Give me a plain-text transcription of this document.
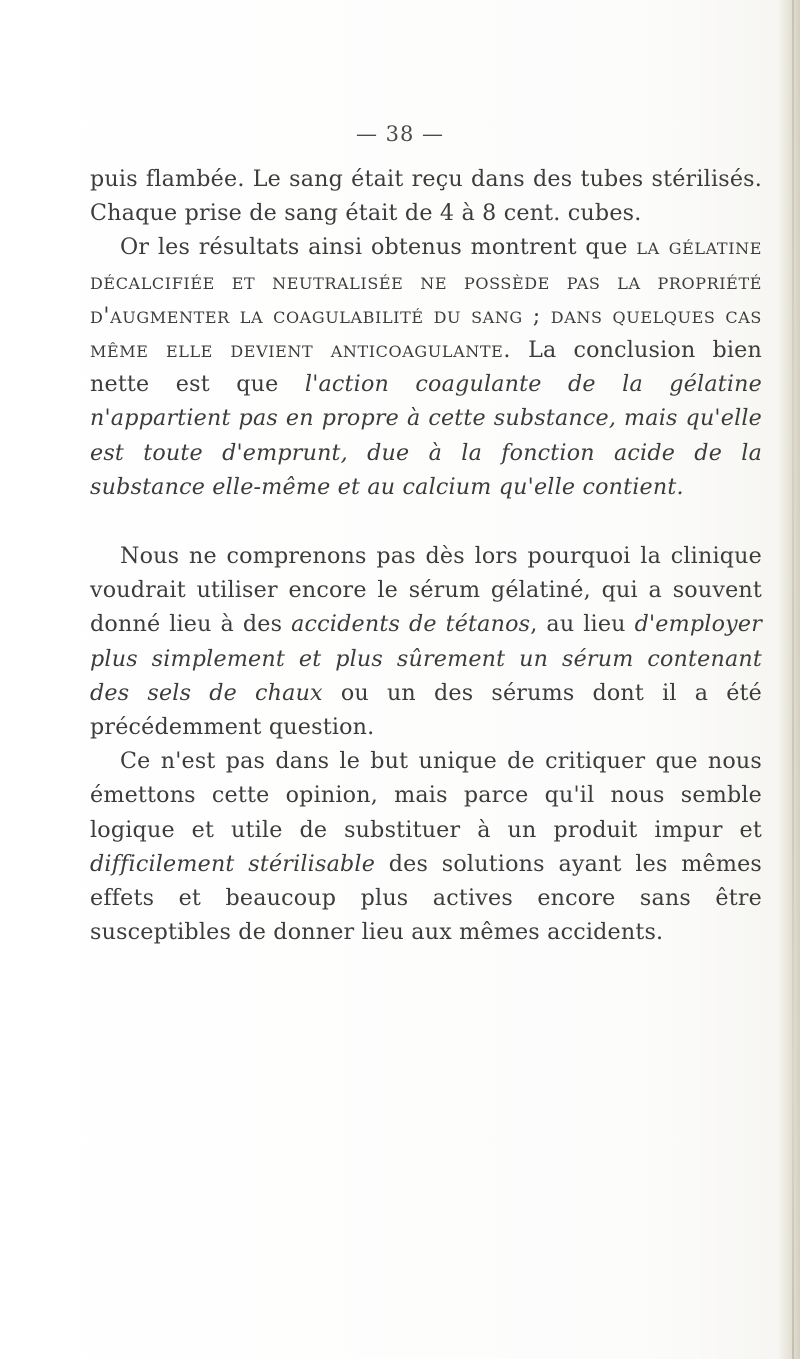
— 38 —

puis flambée. Le sang était reçu dans des tubes stérilisés. Chaque prise de sang était de 4 à 8 cent. cubes.

Or les résultats ainsi obtenus montrent que la gélatine décalcifiée et neutralisée ne possède pas la propriété d'augmenter la coagulabilité du sang ; dans quelques cas même elle devient anticoagulante. La conclusion bien nette est que l'action coagulante de la gélatine n'appartient pas en propre à cette substance, mais qu'elle est toute d'emprunt, due à la fonction acide de la substance elle-même et au calcium qu'elle contient.

Nous ne comprenons pas dès lors pourquoi la clinique voudrait utiliser encore le sérum gélatiné, qui a souvent donné lieu à des accidents de tétanos, au lieu d'employer plus simplement et plus sûrement un sérum contenant des sels de chaux ou un des sérums dont il a été précédemment question.

Ce n'est pas dans le but unique de critiquer que nous émettons cette opinion, mais parce qu'il nous semble logique et utile de substituer à un produit impur et difficilement stérilisable des solutions ayant les mêmes effets et beaucoup plus actives encore sans être susceptibles de donner lieu aux mêmes accidents.
